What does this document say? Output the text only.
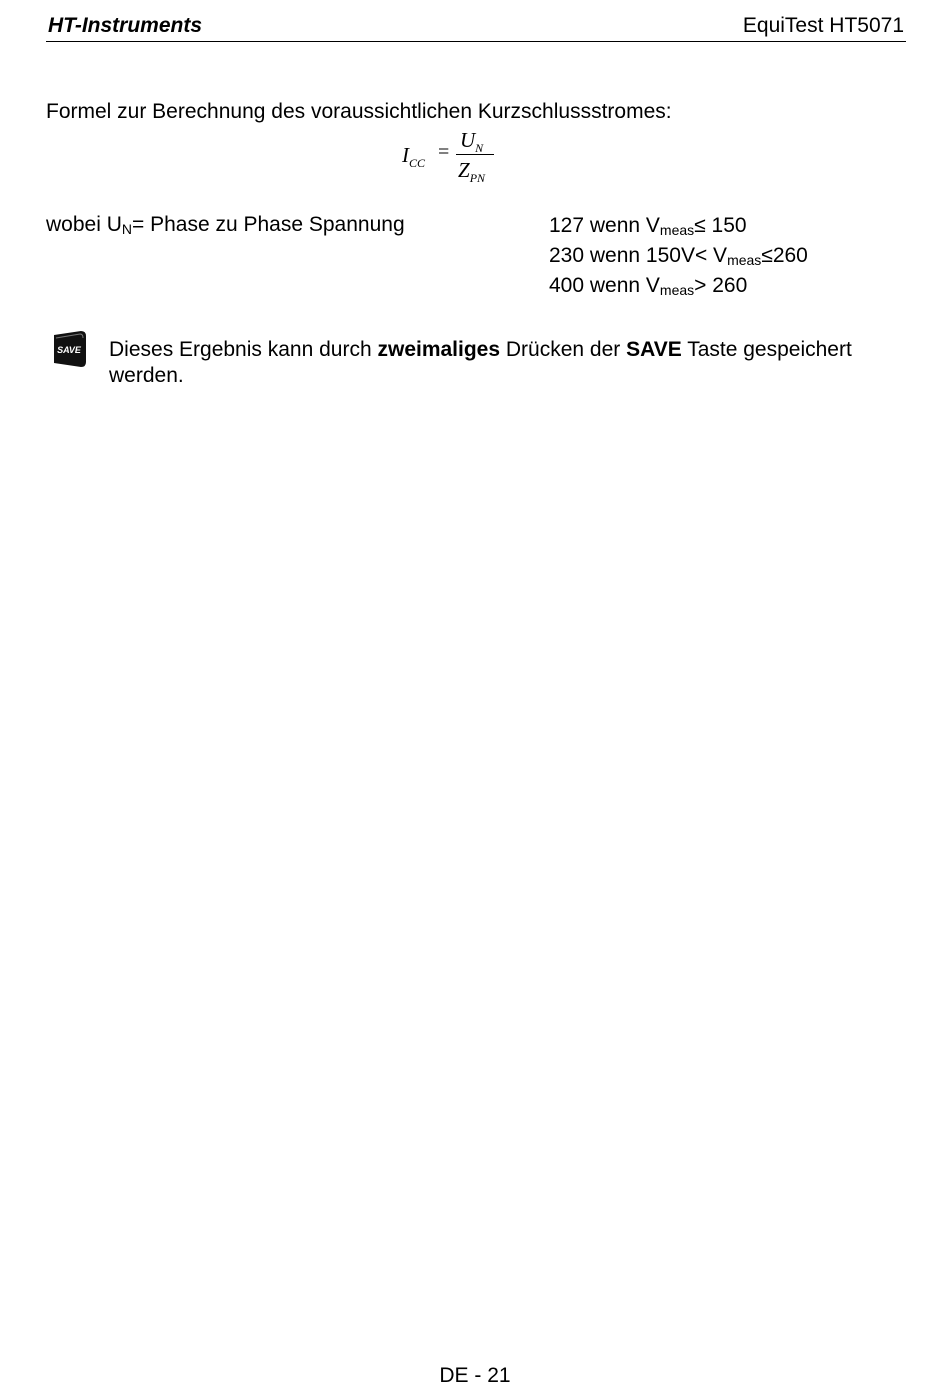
HT-Instruments	EquiTest HT5071
Formel zur Berechnung des voraussichtlichen Kurzschlussstromes:
$I_{CC}$
= $U_N$
$Z_{PN}$
wobei $U_N=$ Phase zu Phase Spannung	127 wenn $V_{meas}\le 150$
230 wenn $150V< V_{meas}\le 260$
400 wenn $V_{meas}> 260$
SAVE Dieses Ergebnis kann durch zweimaliges Drücken der SAVE Taste gespeichert werden.
DE - 21
